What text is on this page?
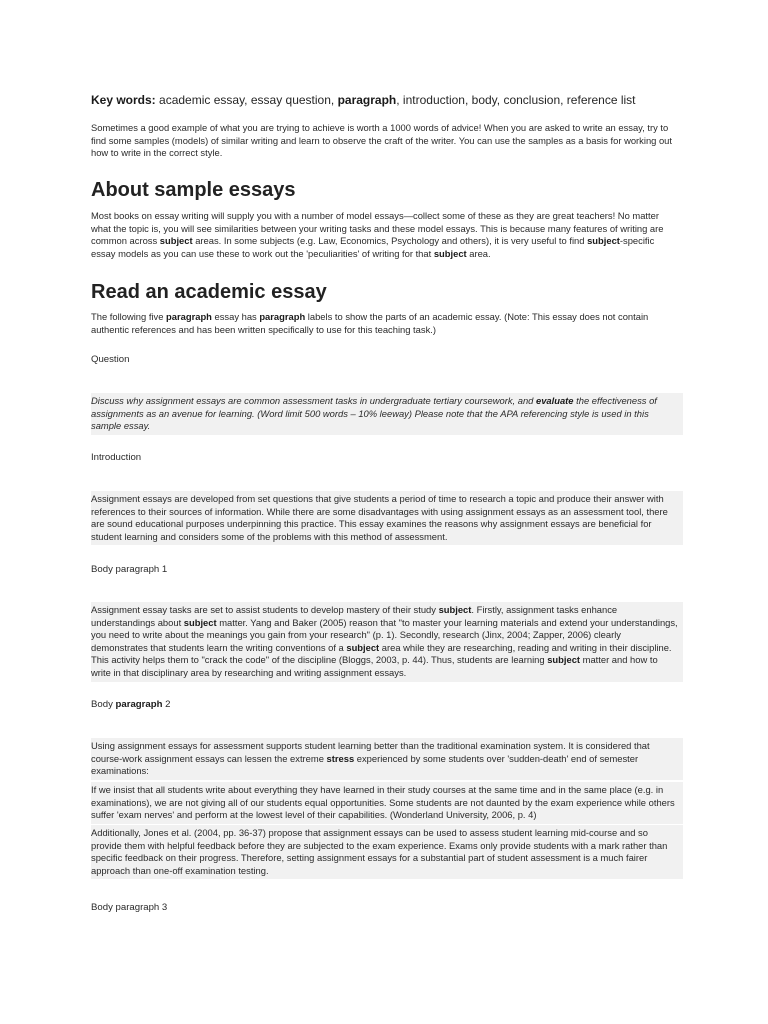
Key words: academic essay, essay question, paragraph, introduction, body, conclusion, reference list
Sometimes a good example of what you are trying to achieve is worth a 1000 words of advice! When you are asked to write an essay, try to find some samples (models) of similar writing and learn to observe the craft of the writer. You can use the samples as a basis for working out how to write in the correct style.
About sample essays
Most books on essay writing will supply you with a number of model essays—collect some of these as they are great teachers! No matter what the topic is, you will see similarities between your writing tasks and these model essays. This is because many features of writing are common across subject areas. In some subjects (e.g. Law, Economics, Psychology and others), it is very useful to find subject-specific essay models as you can use these to work out the 'peculiarities' of writing for that subject area.
Read an academic essay
The following five paragraph essay has paragraph labels to show the parts of an academic essay. (Note: This essay does not contain authentic references and has been written specifically to use for this teaching task.)
Question
Discuss why assignment essays are common assessment tasks in undergraduate tertiary coursework, and evaluate the effectiveness of assignments as an avenue for learning. (Word limit 500 words – 10% leeway) Please note that the APA referencing style is used in this sample essay.
Introduction
Assignment essays are developed from set questions that give students a period of time to research a topic and produce their answer with references to their sources of information. While there are some disadvantages with using assignment essays as an assessment tool, there are sound educational purposes underpinning this practice. This essay examines the reasons why assignment essays are beneficial for student learning and considers some of the problems with this method of assessment.
Body paragraph 1
Assignment essay tasks are set to assist students to develop mastery of their study subject. Firstly, assignment tasks enhance understandings about subject matter. Yang and Baker (2005) reason that "to master your learning materials and extend your understandings, you need to write about the meanings you gain from your research" (p. 1). Secondly, research (Jinx, 2004; Zapper, 2006) clearly demonstrates that students learn the writing conventions of a subject area while they are researching, reading and writing in their discipline. This activity helps them to "crack the code" of the discipline (Bloggs, 2003, p. 44). Thus, students are learning subject matter and how to write in that disciplinary area by researching and writing assignment essays.
Body paragraph 2
Using assignment essays for assessment supports student learning better than the traditional examination system. It is considered that course-work assignment essays can lessen the extreme stress experienced by some students over 'sudden-death' end of semester examinations:
If we insist that all students write about everything they have learned in their study courses at the same time and in the same place (e.g. in examinations), we are not giving all of our students equal opportunities. Some students are not daunted by the exam experience while others suffer 'exam nerves' and perform at the lowest level of their capabilities. (Wonderland University, 2006, p. 4)
Additionally, Jones et al. (2004, pp. 36-37) propose that assignment essays can be used to assess student learning mid-course and so provide them with helpful feedback before they are subjected to the exam experience. Exams only provide students with a mark rather than specific feedback on their progress. Therefore, setting assignment essays for a substantial part of student assessment is a much fairer approach than one-off examination testing.
Body paragraph 3
